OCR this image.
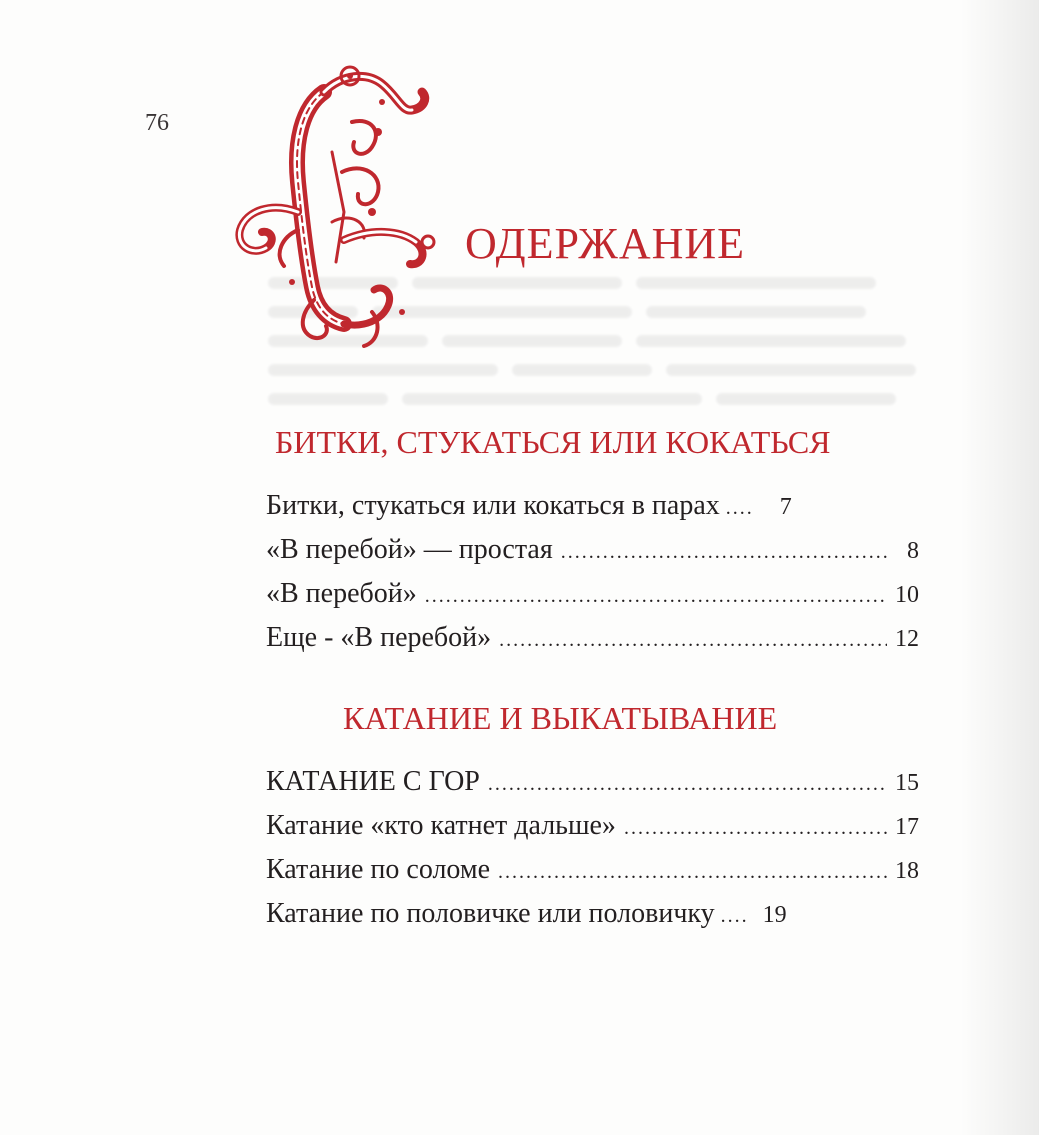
76
ОДЕРЖАНИЕ
БИТКИ, СТУКАТЬСЯ ИЛИ КОКАТЬСЯ
Битки, стукаться или кокаться в парах .....	7
«В перебой» — простая .....	8
«В перебой» .....	10
Еще - «В перебой» .....	12
КАТАНИЕ И ВЫКАТЫВАНИЕ
КАТАНИЕ С ГОР .....	15
Катание «кто катнет дальше» .....	17
Катание по соломе .....	18
Катание по половичке или половичку ..... 19
